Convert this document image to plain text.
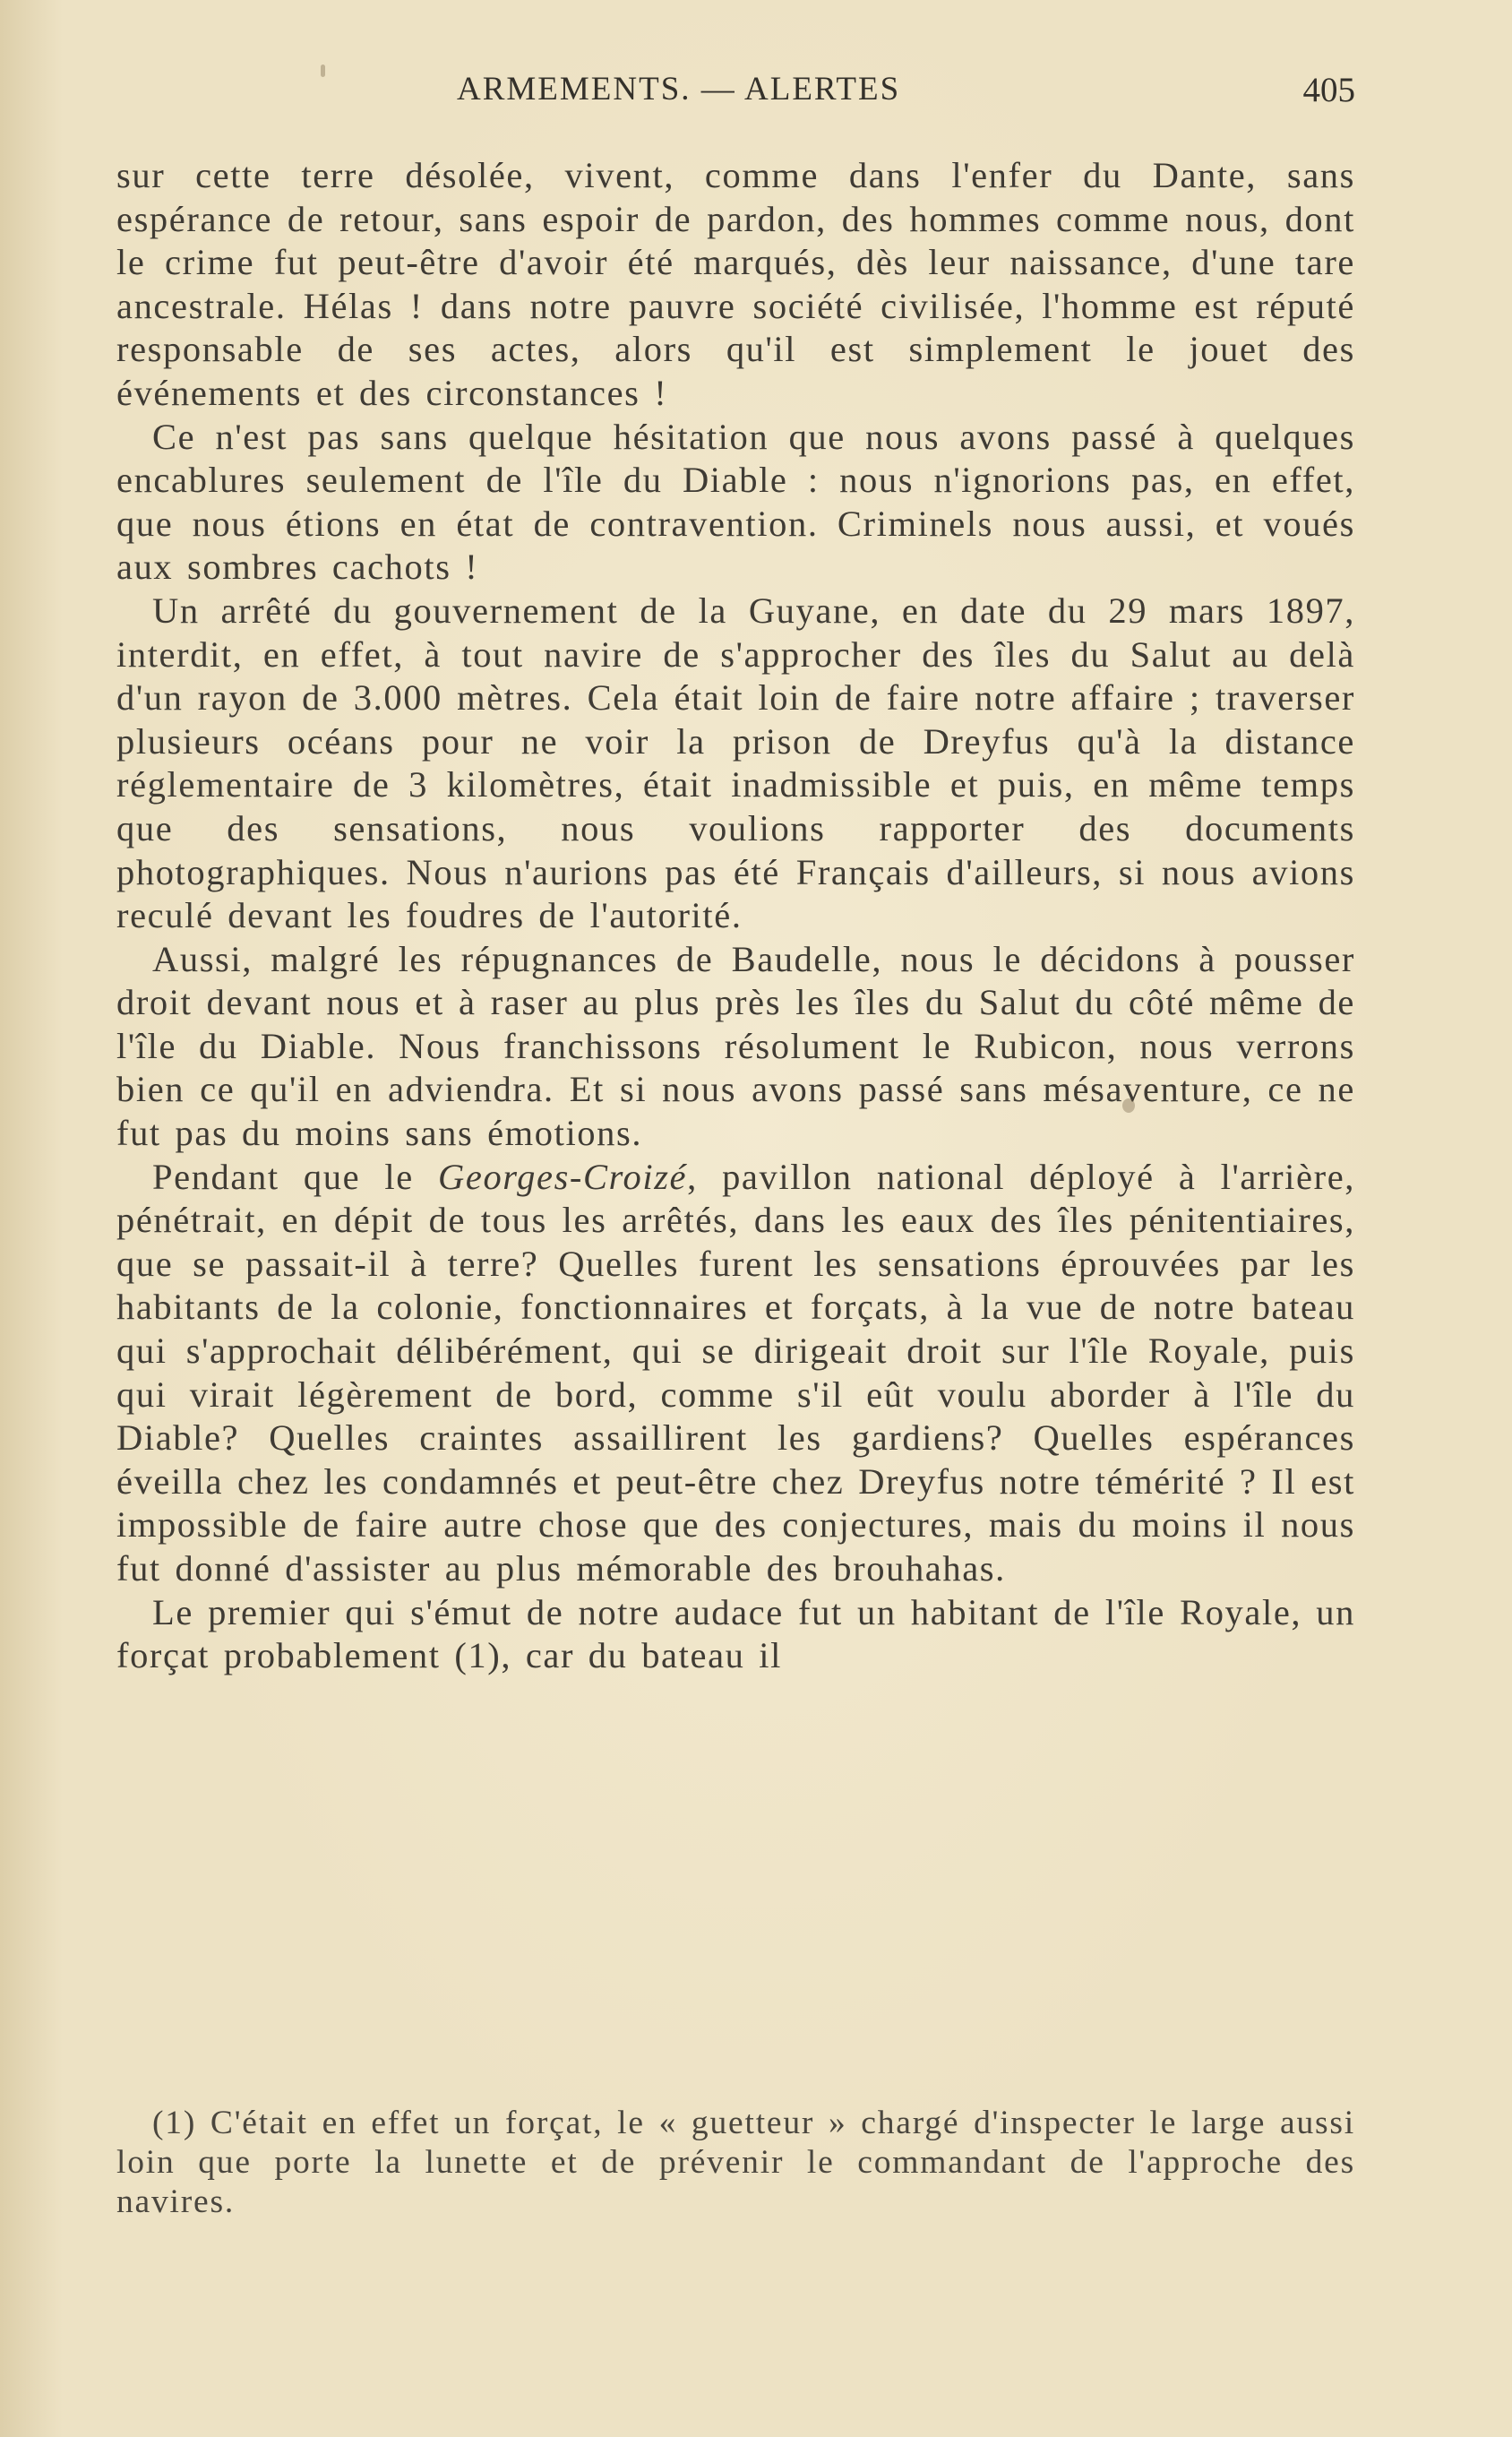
ARMEMENTS. — ALERTES	405

sur cette terre désolée, vivent, comme dans l'enfer du Dante, sans espérance de retour, sans espoir de pardon, des hommes comme nous, dont le crime fut peut-être d'avoir été marqués, dès leur naissance, d'une tare ancestrale. Hélas ! dans notre pauvre société civilisée, l'homme est réputé responsable de ses actes, alors qu'il est simplement le jouet des événements et des circonstances !

Ce n'est pas sans quelque hésitation que nous avons passé à quelques encablures seulement de l'île du Diable : nous n'ignorions pas, en effet, que nous étions en état de contravention. Criminels nous aussi, et voués aux sombres cachots !

Un arrêté du gouvernement de la Guyane, en date du 29 mars 1897, interdit, en effet, à tout navire de s'approcher des îles du Salut au delà d'un rayon de 3.000 mètres. Cela était loin de faire notre affaire ; traverser plusieurs océans pour ne voir la prison de Dreyfus qu'à la distance réglementaire de 3 kilomètres, était inadmissible et puis, en même temps que des sensations, nous voulions rapporter des documents photographiques. Nous n'aurions pas été Français d'ailleurs, si nous avions reculé devant les foudres de l'autorité.

Aussi, malgré les répugnances de Baudelle, nous le décidons à pousser droit devant nous et à raser au plus près les îles du Salut du côté même de l'île du Diable. Nous franchissons résolument le Rubicon, nous verrons bien ce qu'il en adviendra. Et si nous avons passé sans mésaventure, ce ne fut pas du moins sans émotions.

Pendant que le Georges-Croizé, pavillon national déployé à l'arrière, pénétrait, en dépit de tous les arrêtés, dans les eaux des îles pénitentiaires, que se passait-il à terre? Quelles furent les sensations éprouvées par les habitants de la colonie, fonctionnaires et forçats, à la vue de notre bateau qui s'approchait délibérément, qui se dirigeait droit sur l'île Royale, puis qui virait légèrement de bord, comme s'il eût voulu aborder à l'île du Diable? Quelles craintes assaillirent les gardiens? Quelles espérances éveilla chez les condamnés et peut-être chez Dreyfus notre témérité ? Il est impossible de faire autre chose que des conjectures, mais du moins il nous fut donné d'assister au plus mémorable des brouhahas.

Le premier qui s'émut de notre audace fut un habitant de l'île Royale, un forçat probablement (1), car du bateau il

(1) C'était en effet un forçat, le « guetteur » chargé d'inspecter le large aussi loin que porte la lunette et de prévenir le commandant de l'approche des navires.
